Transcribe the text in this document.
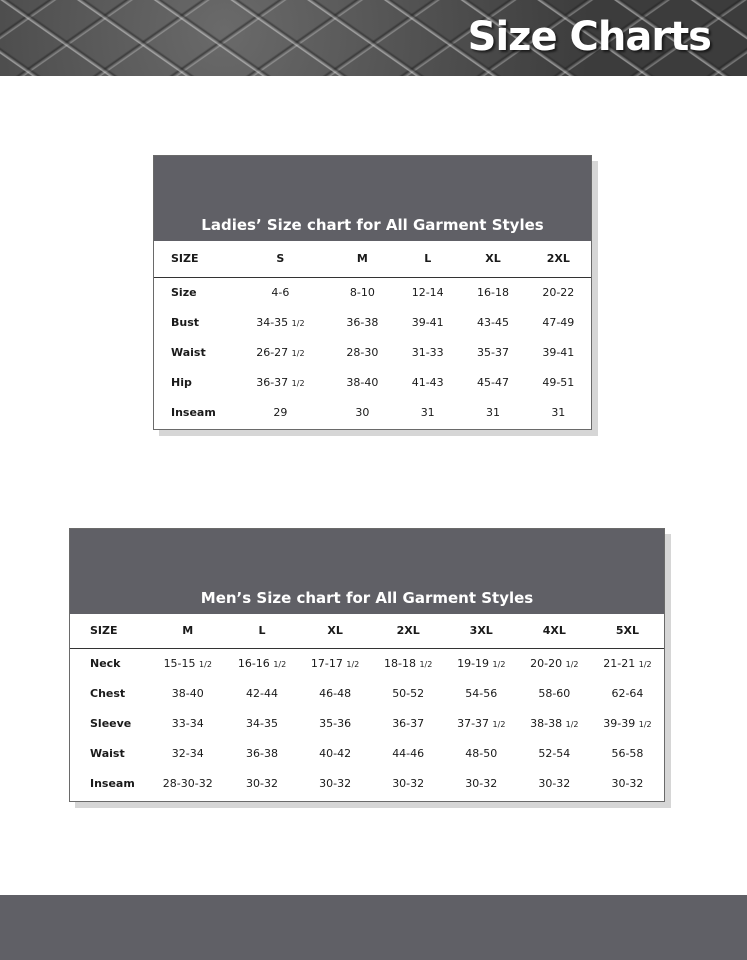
Size Charts
Ladies’ Size chart for All Garment Styles
SIZE	S	M	L	XL	2XL
Size	4-6	8-10	12-14	16-18	20-22
Bust	34-35 1/2	36-38	39-41	43-45	47-49
Waist	26-27 1/2	28-30	31-33	35-37	39-41
Hip	36-37 1/2	38-40	41-43	45-47	49-51
Inseam	29	30	31	31	31
Men’s Size chart for All Garment Styles
SIZE	M	L	XL	2XL	3XL	4XL	5XL
Neck	15-15 1/2	16-16 1/2	17-17 1/2	18-18 1/2	19-19 1/2	20-20 1/2	21-21 1/2
Chest	38-40	42-44	46-48	50-52	54-56	58-60	62-64
Sleeve	33-34	34-35	35-36	36-37	37-37 1/2	38-38 1/2	39-39 1/2
Waist	32-34	36-38	40-42	44-46	48-50	52-54	56-58
Inseam	28-30-32	30-32	30-32	30-32	30-32	30-32	30-32
